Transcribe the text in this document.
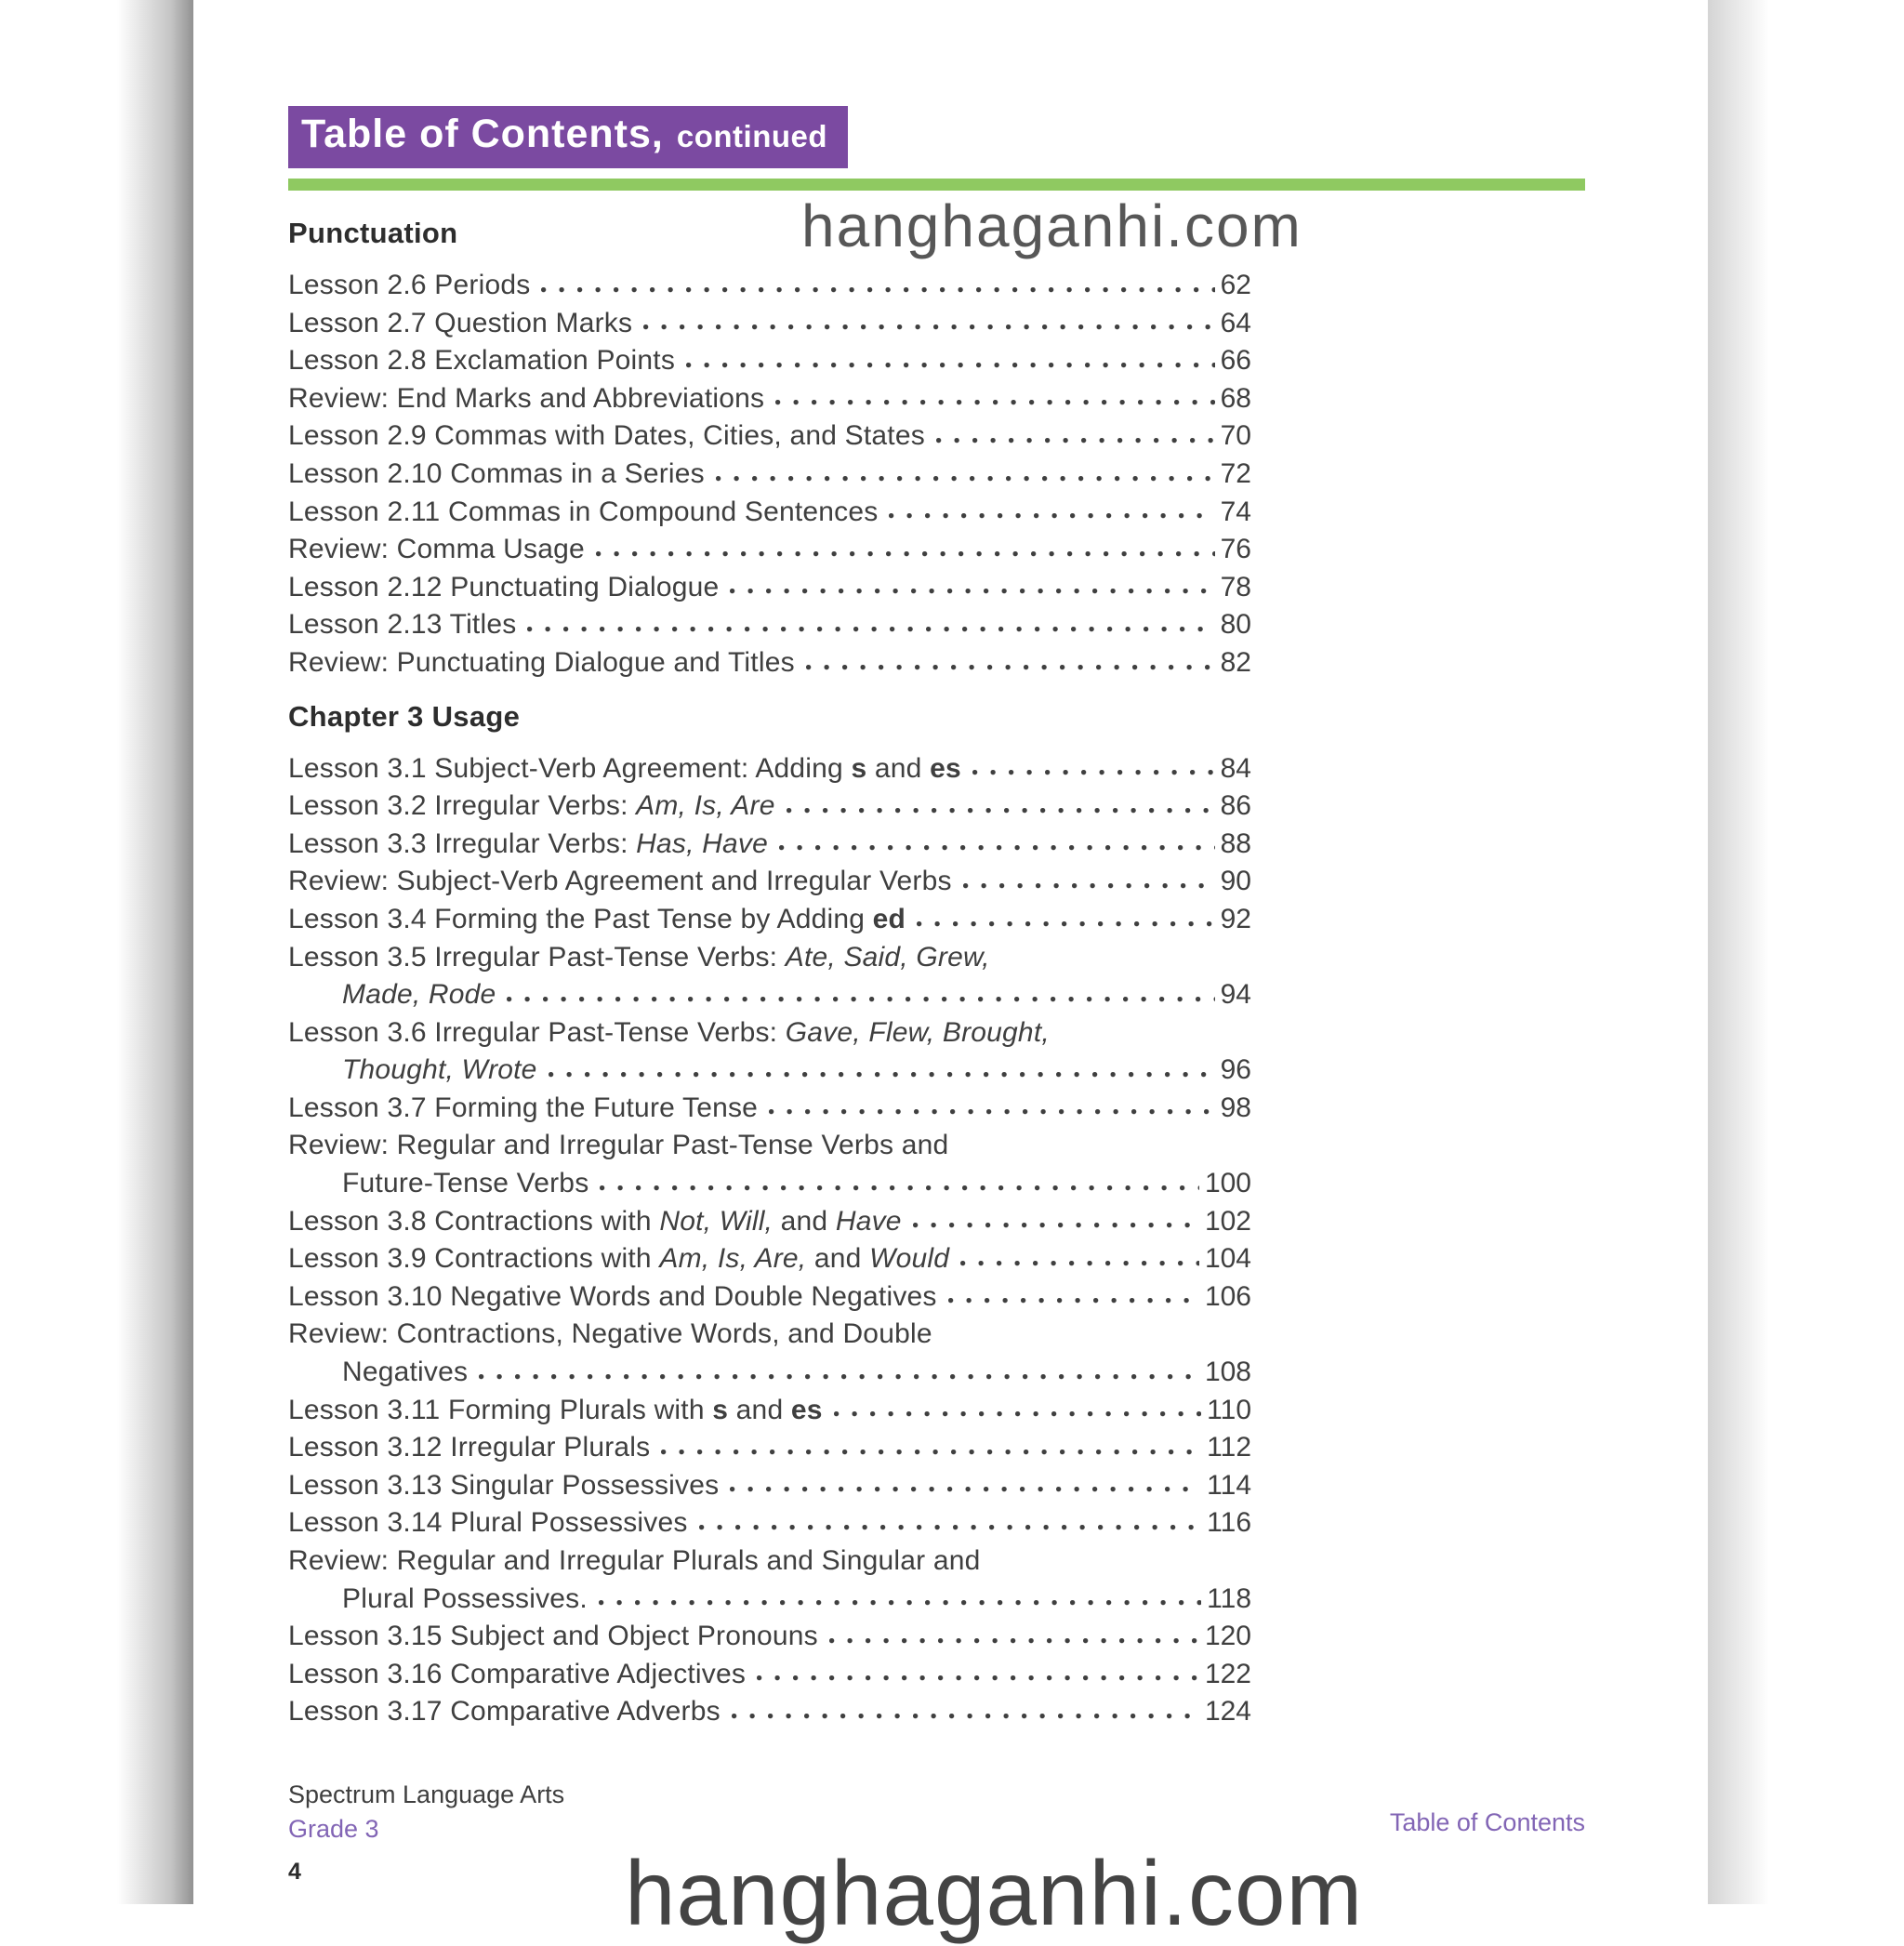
Table of Contents, continued
hanghaganhi.com
Punctuation
Lesson 2.6 Periods	62
Lesson 2.7 Question Marks	64
Lesson 2.8 Exclamation Points	66
Review: End Marks and Abbreviations	68
Lesson 2.9 Commas with Dates, Cities, and States	70
Lesson 2.10 Commas in a Series	72
Lesson 2.11 Commas in Compound Sentences	74
Review: Comma Usage	76
Lesson 2.12 Punctuating Dialogue	78
Lesson 2.13 Titles	80
Review: Punctuating Dialogue and Titles	82
Chapter 3 Usage
Lesson 3.1 Subject-Verb Agreement: Adding s and es	84
Lesson 3.2 Irregular Verbs: Am, Is, Are	86
Lesson 3.3 Irregular Verbs: Has, Have	88
Review: Subject-Verb Agreement and Irregular Verbs	90
Lesson 3.4 Forming the Past Tense by Adding ed	92
Lesson 3.5 Irregular Past-Tense Verbs: Ate, Said, Grew,
Made, Rode	94
Lesson 3.6 Irregular Past-Tense Verbs: Gave, Flew, Brought,
Thought, Wrote	96
Lesson 3.7 Forming the Future Tense	98
Review: Regular and Irregular Past-Tense Verbs and
Future-Tense Verbs	100
Lesson 3.8 Contractions with Not, Will, and Have	102
Lesson 3.9 Contractions with Am, Is, Are, and Would	104
Lesson 3.10 Negative Words and Double Negatives	106
Review: Contractions, Negative Words, and Double
Negatives	108
Lesson 3.11 Forming Plurals with s and es	110
Lesson 3.12 Irregular Plurals	112
Lesson 3.13 Singular Possessives	114
Lesson 3.14 Plural Possessives	116
Review: Regular and Irregular Plurals and Singular and
Plural Possessives.	118
Lesson 3.15 Subject and Object Pronouns	120
Lesson 3.16 Comparative Adjectives	122
Lesson 3.17 Comparative Adverbs	124
Spectrum Language Arts
Grade 3
4
Table of Contents
hanghaganhi.com
